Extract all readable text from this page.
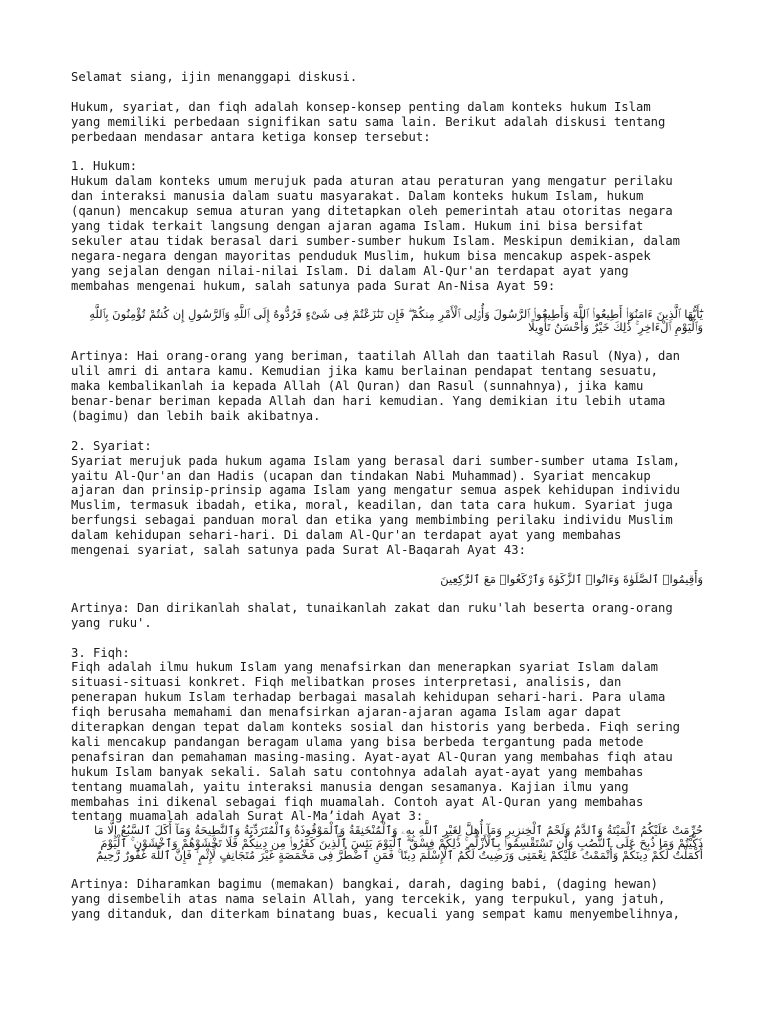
Selamat siang, ijin menanggapi diskusi.

Hukum, syariat, dan fiqh adalah konsep-konsep penting dalam konteks hukum Islam

yang memiliki perbedaan signifikan satu sama lain. Berikut adalah diskusi tentang

perbedaan mendasar antara ketiga konsep tersebut:

1. Hukum:

Hukum dalam konteks umum merujuk pada aturan atau peraturan yang mengatur perilaku

dan interaksi manusia dalam suatu masyarakat. Dalam konteks hukum Islam, hukum

(qanun) mencakup semua aturan yang ditetapkan oleh pemerintah atau otoritas negara

yang tidak terkait langsung dengan ajaran agama Islam. Hukum ini bisa bersifat

sekuler atau tidak berasal dari sumber-sumber hukum Islam. Meskipun demikian, dalam

negara-negara dengan mayoritas penduduk Muslim, hukum bisa mencakup aspek-aspek

yang sejalan dengan nilai-nilai Islam. Di dalam Al-Qur'an terdapat ayat yang

membahas mengenai hukum, salah satunya pada Surat An-Nisa Ayat 59:

يَٰٓأَيُّهَا ٱلَّذِينَ ءَامَنُوٓا۟ أَطِيعُوا۟ ٱللَّهَ وَأَطِيعُوا۟ ٱلرَّسُولَ وَأُو۟لِى ٱلْأَمْرِ مِنكُمْ ۖ فَإِن تَنَٰزَعْتُمْ فِى شَىْءٍ فَرُدُّوهُ إِلَى ٱللَّهِ وَٱلرَّسُولِ إِن كُنتُمْ تُؤْمِنُونَ بِٱللَّهِ وَٱلْيَوْمِ ٱلْءَاخِرِ ۚ ذَٰلِكَ خَيْرٌ وَأَحْسَنُ تَأْوِيلًا

Artinya: Hai orang-orang yang beriman, taatilah Allah dan taatilah Rasul (Nya), dan

ulil amri di antara kamu. Kemudian jika kamu berlainan pendapat tentang sesuatu,

maka kembalikanlah ia kepada Allah (Al Quran) dan Rasul (sunnahnya), jika kamu

benar-benar beriman kepada Allah dan hari kemudian. Yang demikian itu lebih utama

(bagimu) dan lebih baik akibatnya.

2. Syariat:

Syariat merujuk pada hukum agama Islam yang berasal dari sumber-sumber utama Islam,

yaitu Al-Qur'an dan Hadis (ucapan dan tindakan Nabi Muhammad). Syariat mencakup

ajaran dan prinsip-prinsip agama Islam yang mengatur semua aspek kehidupan individu

Muslim, termasuk ibadah, etika, moral, keadilan, dan tata cara hukum. Syariat juga

berfungsi sebagai panduan moral dan etika yang membimbing perilaku individu Muslim

dalam kehidupan sehari-hari. Di dalam Al-Qur'an terdapat ayat yang membahas

mengenai syariat, salah satunya pada Surat Al-Baqarah Ayat 43:

وَأَقِيمُوا۟ ٱلصَّلَوٰةَ وَءَاتُوا۟ ٱلزَّكَوٰةَ وَٱرْكَعُوا۟ مَعَ ٱلرَّٰكِعِينَ

Artinya: Dan dirikanlah shalat, tunaikanlah zakat dan ruku'lah beserta orang-orang

yang ruku'.

3. Fiqh:

Fiqh adalah ilmu hukum Islam yang menafsirkan dan menerapkan syariat Islam dalam

situasi-situasi konkret. Fiqh melibatkan proses interpretasi, analisis, dan

penerapan hukum Islam terhadap berbagai masalah kehidupan sehari-hari. Para ulama

fiqh berusaha memahami dan menafsirkan ajaran-ajaran agama Islam agar dapat

diterapkan dengan tepat dalam konteks sosial dan historis yang berbeda. Fiqh sering

kali mencakup pandangan beragam ulama yang bisa berbeda tergantung pada metode

penafsiran dan pemahaman masing-masing. Ayat-ayat Al-Quran yang membahas fiqh atau

hukum Islam banyak sekali. Salah satu contohnya adalah ayat-ayat yang membahas

tentang muamalah, yaitu interaksi manusia dengan sesamanya. Kajian ilmu yang

membahas ini dikenal sebagai fiqh muamalah. Contoh ayat Al-Quran yang membahas

tentang muamalah adalah Surat Al-Ma’idah Ayat 3:

حُرِّمَتْ عَلَيْكُمُ ٱلْمَيْتَةُ وَٱلدَّمُ وَلَحْمُ ٱلْخِنزِيرِ وَمَآ أُهِلَّ لِغَيْرِ ٱللَّهِ بِهِۦ وَٱلْمُنْخَنِقَةُ وَٱلْمَوْقُوذَةُ وَٱلْمُتَرَدِّيَةُ وَٱلنَّطِيحَةُ وَمَآ أَكَلَ ٱلسَّبُعُ إِلَّا مَا ذَكَّيْتُمْ وَمَا ذُبِحَ عَلَى ٱلنُّصُبِ وَأَن تَسْتَقْسِمُوا۟ بِٱلْأَزْلَٰمِ ۚ ذَٰلِكُمْ فِسْقٌ ۗ ٱلْيَوْمَ يَئِسَ ٱلَّذِينَ كَفَرُوا۟ مِن دِينِكُمْ فَلَا تَخْشَوْهُمْ وَٱخْشَوْنِ ۚ ٱلْيَوْمَ أَكْمَلْتُ لَكُمْ دِينَكُمْ وَأَتْمَمْتُ عَلَيْكُمْ نِعْمَتِى وَرَضِيتُ لَكُمُ ٱلْإِسْلَٰمَ دِينًا ۚ فَمَنِ ٱضْطُرَّ فِى مَخْمَصَةٍ غَيْرَ مُتَجَانِفٍ لِّإِثْمٍ ۙ فَإِنَّ ٱللَّهَ غَفُورٌ رَّحِيمٌ

Artinya: Diharamkan bagimu (memakan) bangkai, darah, daging babi, (daging hewan)

yang disembelih atas nama selain Allah, yang tercekik, yang terpukul, yang jatuh,

yang ditanduk, dan diterkam binatang buas, kecuali yang sempat kamu menyembelihnya,
